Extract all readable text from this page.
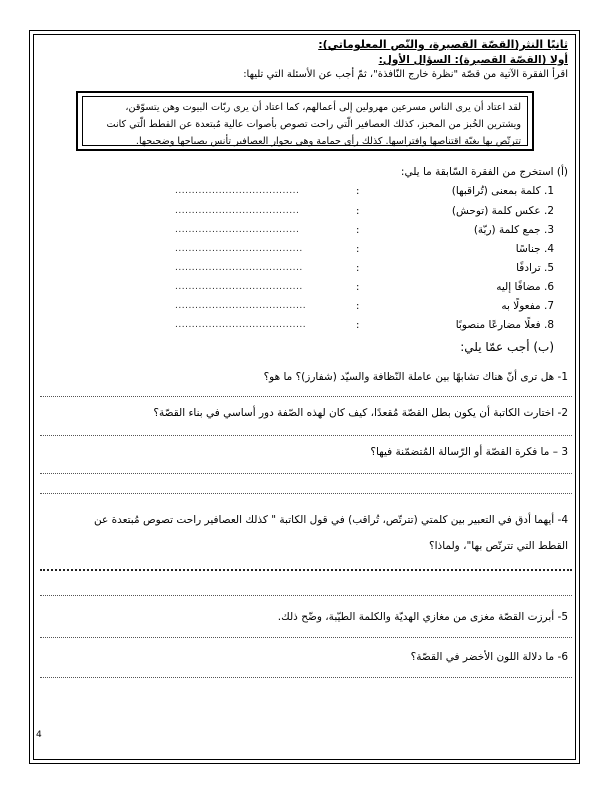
ثانيًا النثر(القصّة القصيرة، والنّص المعلوماتي):
أولا (القصّة القصيرة): السؤال الأول:
اقرأ الفقرة الآتية من قصّة "نظرة خارج النّافذة"، ثمّ أجب عن الأسئلة التي تليها:
لقد اعتاد أن يرى الناس مسرعين مهرولين إلى أعمالهم، كما اعتاد أن يرى ربّات البيوت وهن يتسوّقن،
ويشترين الخُبز من المخبز، كذلك العصافير الّتي راحت تصوص بأصوات عالية مُبتعدة عن القطط الّتي كانت
تترتّص بها بغيّة اقتناصها وافتراسها. كذلك رأى حمامة وهي بجوار العصافير تأنس بصياحها وضجيجها.
(أ) استخرج من الفقرة السّابقة ما يلي:
1. كلمة بمعنى (تُراقبها)
:
.....................................
2. عكس كلمة (توحش)
:
.....................................
3. جمع كلمة (ربّة)
:
.....................................
4. جناسًا
:
......................................
5. ترادفًا
:
......................................
6. مضافًا إليه
:
......................................
7. مفعولًا به
:
.......................................
8. فعلًا مضارعًا منصوبًا
:
.......................................
(ب) أجب عمّا يلي:
1- هل ترى أنّ هناك تشابهًا بين عاملة النّظافة والسيّد (شفارز)؟ ما هو؟
2- اختارت الكاتبة أن يكون بطل القصّة مُقعدًا، كيف كان لهذه الصّفة دور أساسي في بناء القصّة؟
3 – ما فكرة القصّة أو الرّسالة المُتضمّنة فيها؟
4- أيهما أدق في التعبير بين كلمتي (تترتّص، تُراقب) في قول الكاتبة " كذلك العصافير راحت تصوص مُبتعدة عن
القطط التي تترتّص بها"، ولماذا؟
5- أبرزت القصّة مغزى من مغازي الهديّة والكلمة الطيّبة، وضّح ذلك.
6- ما دلالة اللون الأخضر في القصّة؟
4
